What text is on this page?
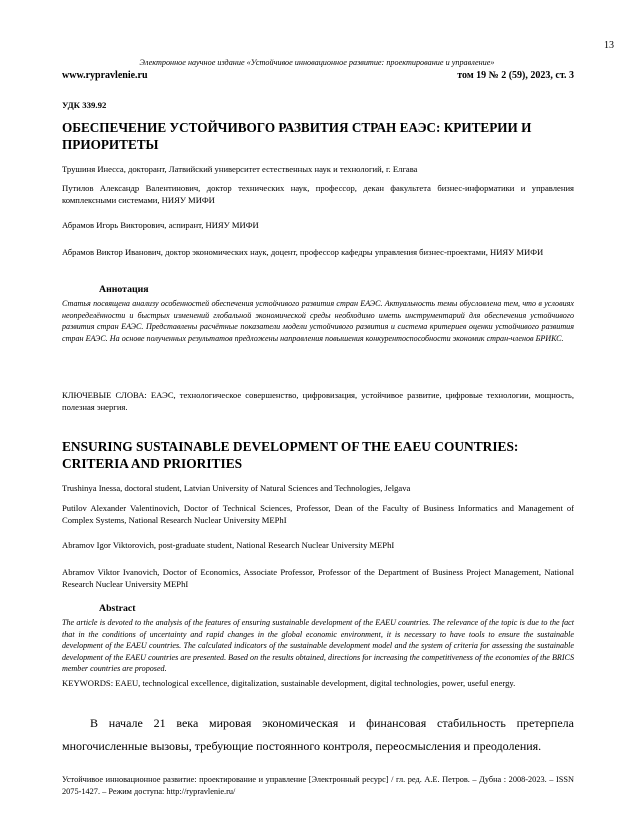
13
Электронное научное издание «Устойчивое инновационное развитие: проектирование и управление»
www.rypravlenie.ru	том 19 № 2 (59), 2023, ст. 3
УДК 339.92
ОБЕСПЕЧЕНИЕ УСТОЙЧИВОГО РАЗВИТИЯ СТРАН ЕАЭС: КРИТЕРИИ И ПРИОРИТЕТЫ

Трушиня Инесса, докторант, Латвийский университет естественных наук и технологий, г. Елгава

Путилов Александр Валентинович, доктор технических наук, профессор, декан факультета бизнес-информатики и управления комплексными системами, НИЯУ МИФИ

Абрамов Игорь Викторович, аспирант, НИЯУ МИФИ

Абрамов Виктор Иванович, доктор экономических наук, доцент, профессор кафедры управления бизнес-проектами, НИЯУ МИФИ

Аннотация

Статья посвящена анализу особенностей обеспечения устойчивого развития стран ЕАЭС. Актуальность темы обусловлена тем, что в условиях неопределённости и быстрых изменений глобальной экономической среды необходимо иметь инструментарий для обеспечения устойчивого развития стран ЕАЭС. Представлены расчётные показатели модели устойчивого развития и система критериев оценки устойчивого развития стран ЕАЭС. На основе полученных результатов предложены направления повышения конкурентоспособности экономик стран-членов БРИКС.

КЛЮЧЕВЫЕ СЛОВА: ЕАЭС, технологическое совершенство, цифровизация, устойчивое развитие, цифровые технологии, мощность, полезная энергия.

ENSURING SUSTAINABLE DEVELOPMENT OF THE EAEU COUNTRIES: CRITERIA AND PRIORITIES

Trushinya Inessa, doctoral student, Latvian University of Natural Sciences and Technologies, Jelgava

Putilov Alexander Valentinovich, Doctor of Technical Sciences, Professor, Dean of the Faculty of Business Informatics and Management of Complex Systems, National Research Nuclear University MEPhI

Abramov Igor Viktorovich, post-graduate student, National Research Nuclear University MEPhI

Abramov Viktor Ivanovich, Doctor of Economics, Associate Professor, Professor of the Department of Business Project Management, National Research Nuclear University MEPhI

Abstract

The article is devoted to the analysis of the features of ensuring sustainable development of the EAEU countries. The relevance of the topic is due to the fact that in the conditions of uncertainty and rapid changes in the global economic environment, it is necessary to have tools to ensure the sustainable development of the EAEU countries. The calculated indicators of the sustainable development model and the system of criteria for assessing the sustainable development of the EAEU countries are presented. Based on the results obtained, directions for increasing the competitiveness of the economies of the BRICS member countries are proposed.

KEYWORDS: EAEU, technological excellence, digitalization, sustainable development, digital technologies, power, useful energy.

В начале 21 века мировая экономическая и финансовая стабильность претерпела многочисленные вызовы, требующие постоянного контроля, переосмысления и преодоления.

Устойчивое инновационное развитие: проектирование и управление [Электронный ресурс] / гл. ред. А.Е. Петров. – Дубна : 2008-2023. – ISSN 2075-1427. – Режим доступа: http://rypravlenie.ru/
